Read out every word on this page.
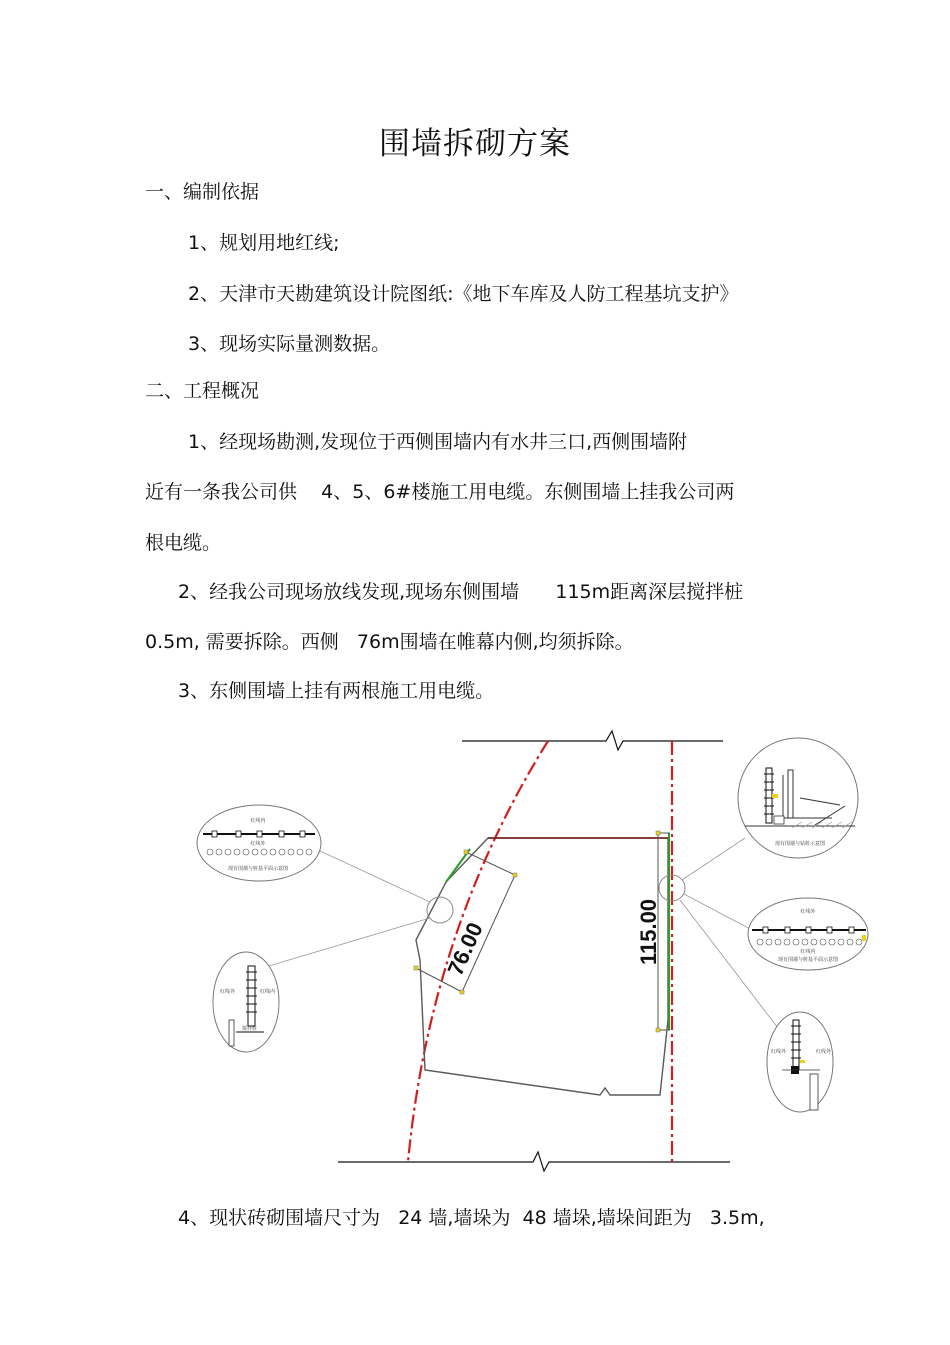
围墙拆砌方案
一、编制依据
1、规划用地红线;
2、天津市天勘建筑设计院图纸:《地下车库及人防工程基坑支护》
3、现场实际量测数据。
二、工程概况
1、经现场勘测,发现位于西侧围墙内有水井三口,西侧围墙附
近有一条我公司供    4、5、6#楼施工用电缆。东侧围墙上挂我公司两
根电缆。
2、经我公司现场放线发现,现场东侧围墙      115m距离深层搅拌桩
0.5m, 需要拆除。西侧   76m围墙在帷幕内侧,均须拆除。
3、东侧围墙上挂有两根施工用电缆。
4、现状砖砌围墙尺寸为   24 墙,墙垛为  48 墙垛,墙垛间距为   3.5m,
76.00	115.00
红线内
红线外
现有围墙与桩基平面示意图
红线外	红线内
搅拌桩
现有围墙与钻桩示意图
红线外
红线内
现有围墙与桩基平面示意图
红线外	红线外
